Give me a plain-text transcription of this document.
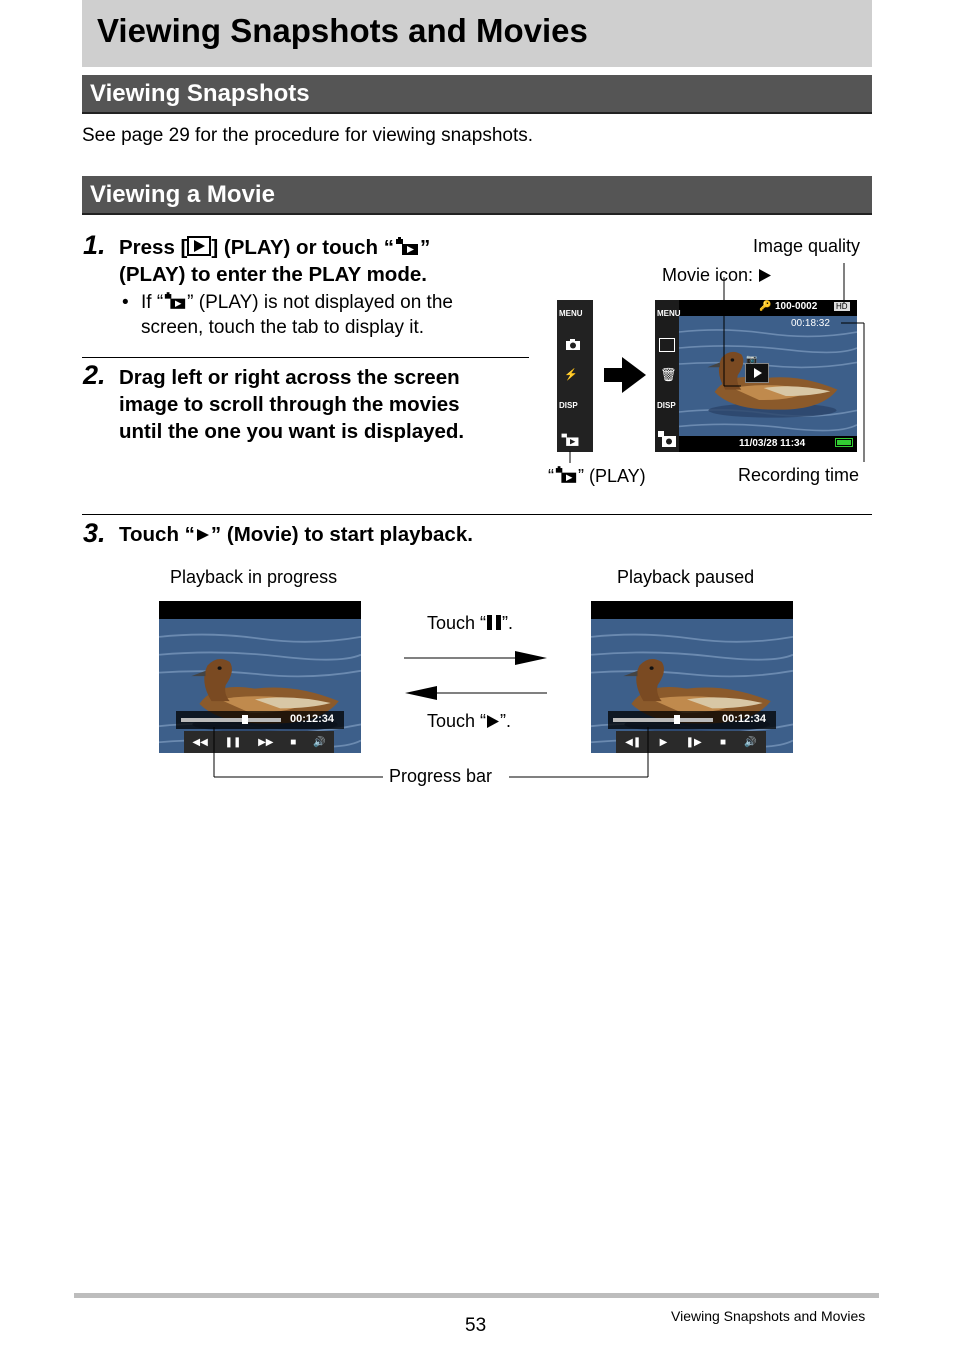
Viewing Snapshots and Movies
Viewing Snapshots
See page 29 for the procedure for viewing snapshots.
Viewing a Movie
1. Press [ ] (PLAY) or touch “ ”
(PLAY) to enter the PLAY mode.
• If “ ” (PLAY) is not displayed on the
screen, touch the tab to display it.
2. Drag left or right across the screen
image to scroll through the movies
until the one you want is displayed.
Image quality
Movie icon:
MENU
⚡
DISP
MENU
🗑
DISP
🔑 100-0002 HD
00:18:32
📷
11/03/28 11:34
“ ” (PLAY)	Recording time
3. Touch “ ” (Movie) to start playback.
Playback in progress	Playback paused
00:12:34
◀◀ ❚❚ ▶▶ ■ 🔊
00:12:34
◀❚ ▶ ❚▶ ■ 🔊
Touch “ ”.
Touch “ ”.
Progress bar
53	Viewing Snapshots and Movies
